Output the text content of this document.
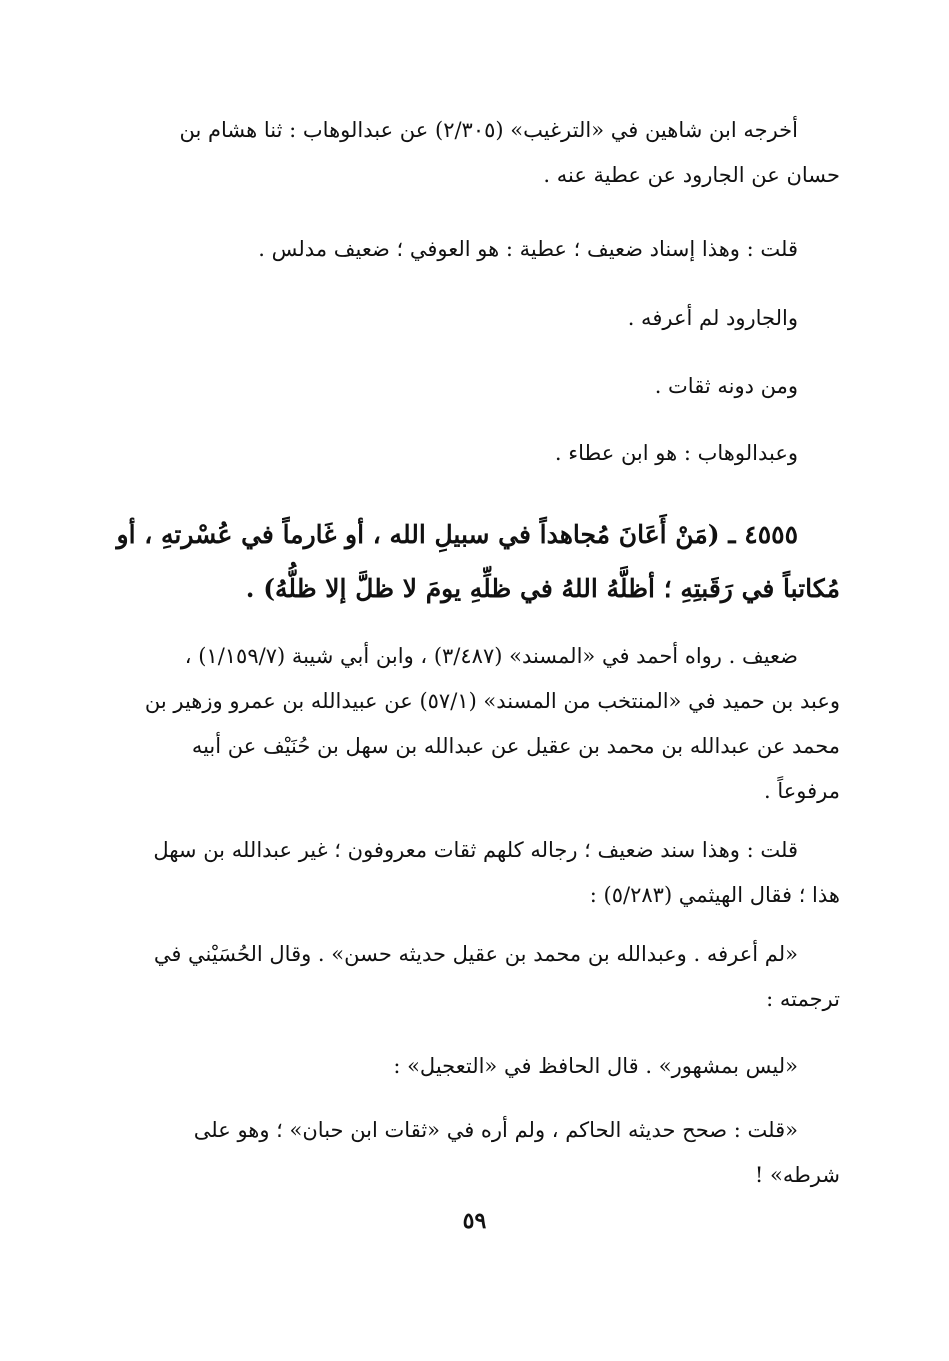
أخرجه ابن شاهين في «الترغيب» (٢/٣٠٥) عن عبدالوهاب : ثنا هشام بن
حسان عن الجارود عن عطية عنه .

قلت : وهذا إسناد ضعيف ؛ عطية : هو العوفي ؛ ضعيف مدلس .

والجارود لم أعرفه .

ومن دونه ثقات .

وعبدالوهاب : هو ابن عطاء .

٤٥٥٥ ـ (مَنْ أَعَانَ مُجاهداً في سبيلِ الله ، أو غَارماً في عُسْرتهِ ، أو
مُكاتباً في رَقَبتِهِ ؛ أظلَّهُ اللهُ في ظلِّهِ يومَ لا ظلَّ إلا ظلُّهُ) .

ضعيف . رواه أحمد في «المسند» (٣/٤٨٧) ، وابن أبي شيبة (١/١٥٩/٧) ،
وعبد بن حميد في «المنتخب من المسند» (٥٧/١) عن عبيدالله بن عمرو وزهير بن
محمد عن عبدالله بن محمد بن عقيل عن عبدالله بن سهل بن حُنَيْف عن أبيه
مرفوعاً .

قلت : وهذا سند ضعيف ؛ رجاله كلهم ثقات معروفون ؛ غير عبدالله بن سهل
هذا ؛ فقال الهيثمي (٥/٢٨٣) :

«لم أعرفه . وعبدالله بن محمد بن عقيل حديثه حسن» . وقال الحُسَيْني في
ترجمته :

«ليس بمشهور» . قال الحافظ في «التعجيل» :

«قلت : صحح حديثه الحاكم ، ولم أره في «ثقات ابن حبان» ؛ وهو على
شرطه» !

٥٩
